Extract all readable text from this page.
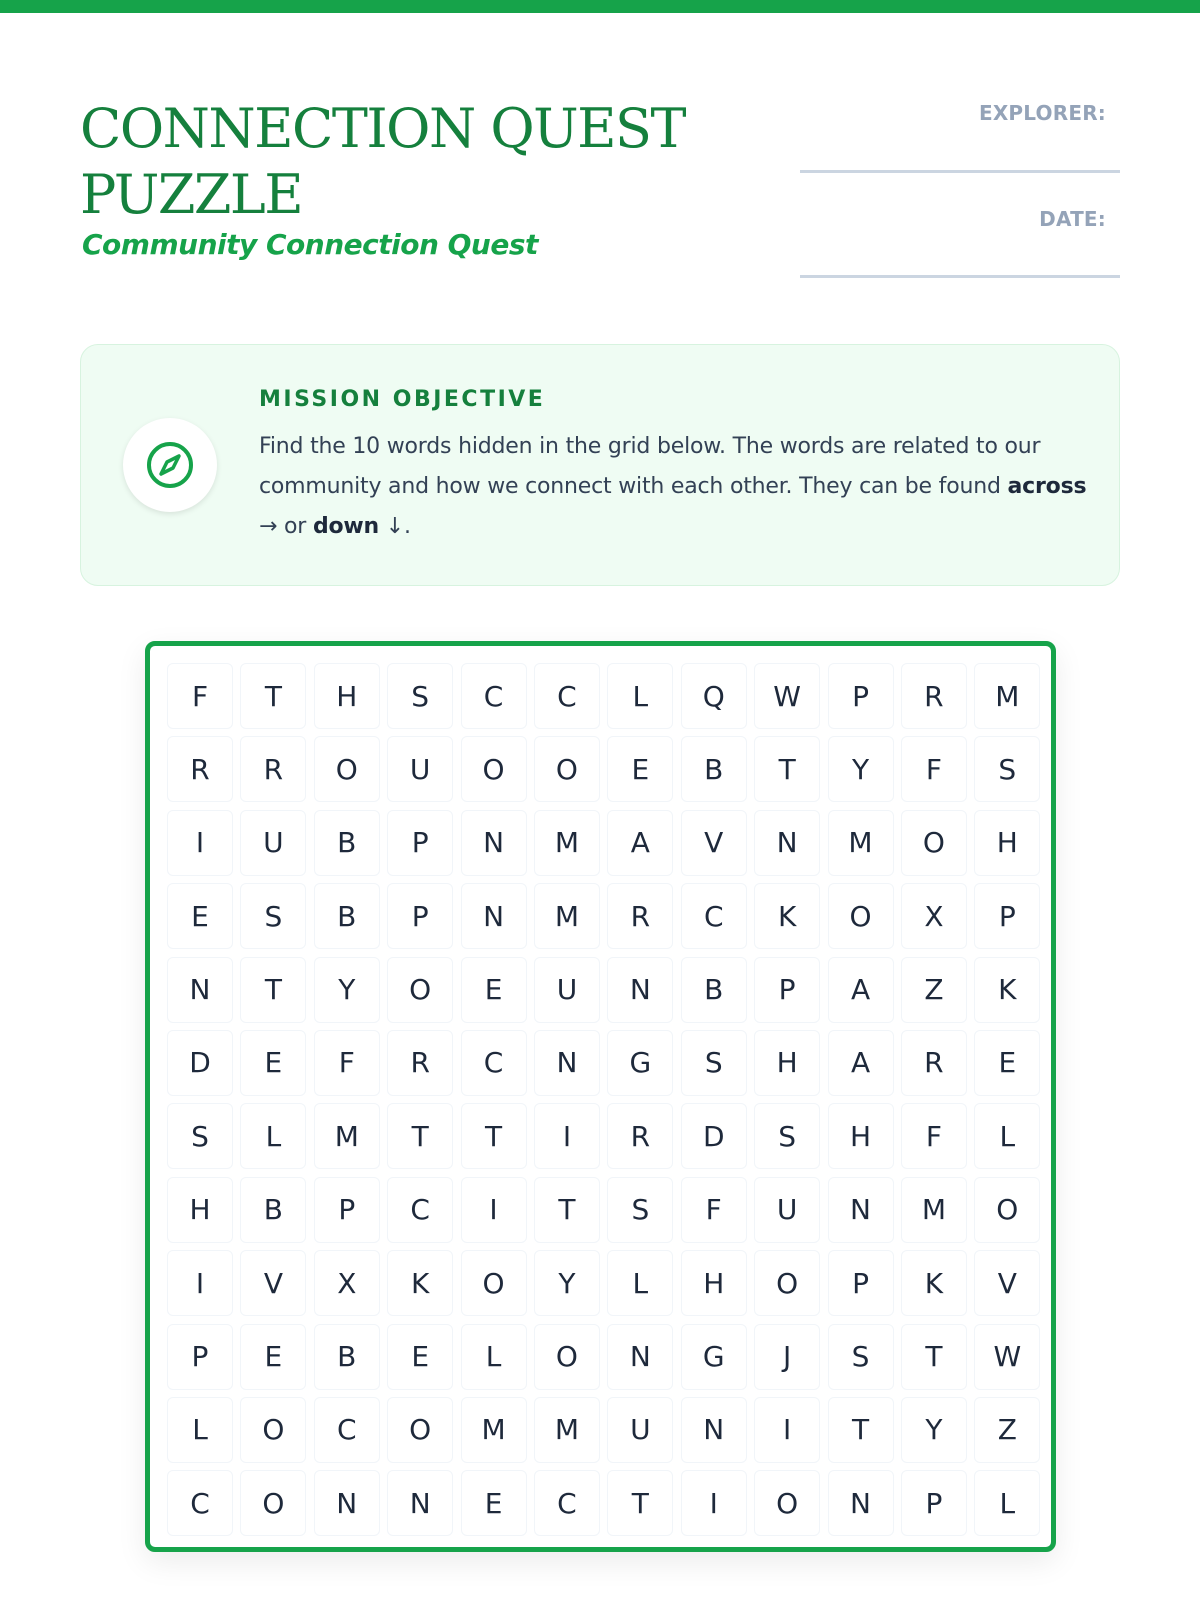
CONNECTION QUEST PUZZLE
Community Connection Quest
EXPLORER:
DATE:
MISSION OBJECTIVE
Find the 10 words hidden in the grid below. The words are related to our community and how we connect with each other. They can be found across → or down ↓.
F	T	H	S	C	C	L	Q	W	P	R	M
R	R	O	U	O	O	E	B	T	Y	F	S
I	U	B	P	N	M	A	V	N	M	O	H
E	S	B	P	N	M	R	C	K	O	X	P
N	T	Y	O	E	U	N	B	P	A	Z	K
D	E	F	R	C	N	G	S	H	A	R	E
S	L	M	T	T	I	R	D	S	H	F	L
H	B	P	C	I	T	S	F	U	N	M	O
I	V	X	K	O	Y	L	H	O	P	K	V
P	E	B	E	L	O	N	G	J	S	T	W
L	O	C	O	M	M	U	N	I	T	Y	Z
C	O	N	N	E	C	T	I	O	N	P	L
